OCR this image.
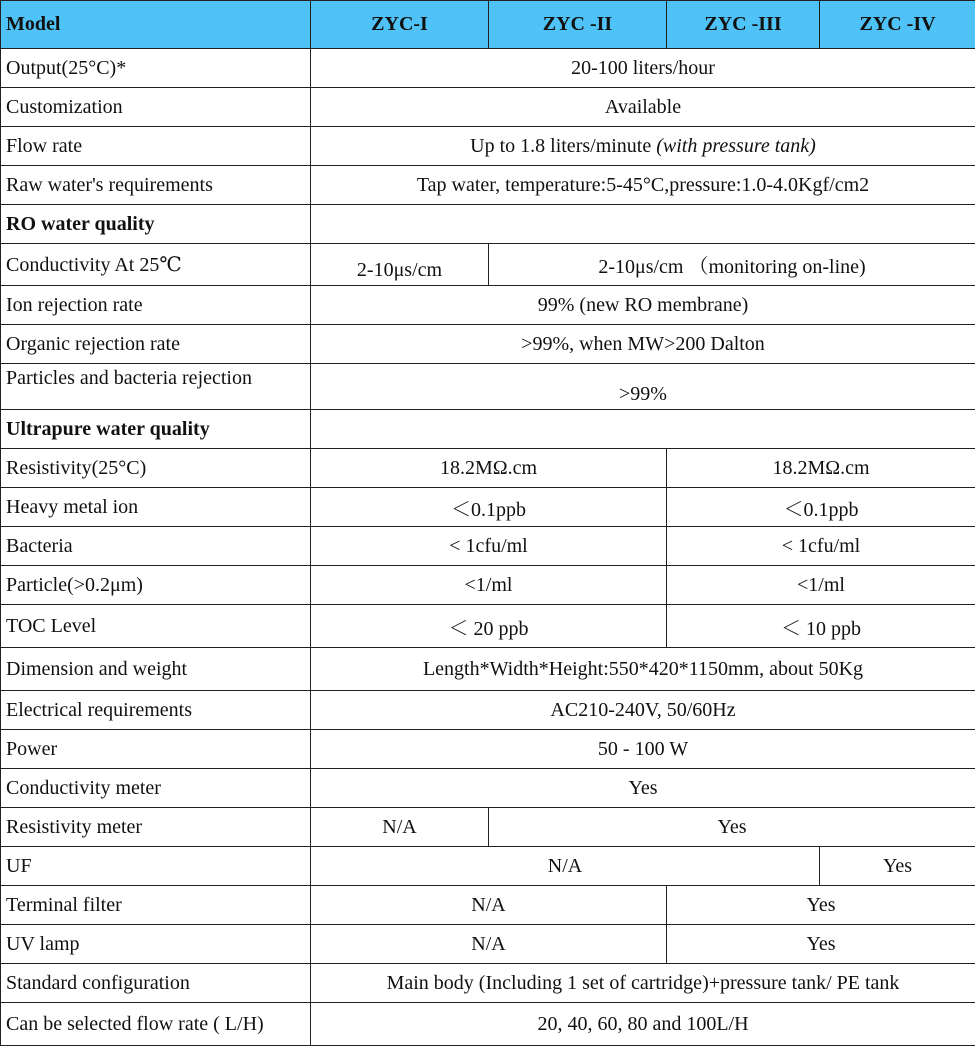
Model	ZYC-I	ZYC -II	ZYC -III	ZYC -IV
Output(25°C)*	20-100 liters/hour			
Customization	Available			
Flow rate	Up to 1.8 liters/minute (with pressure tank)			
Raw water's requirements	Tap water, temperature:5-45°C,pressure:1.0-4.0Kgf/cm2			
RO water quality				
Conductivity At 25℃	2-10μs/cm	2-10μs/cm （monitoring on-line)		
Ion rejection rate	99% (new RO membrane)			
Organic rejection rate	>99%, when MW>200 Dalton			
Particles and bacteria rejection	>99%			
Ultrapure water quality				
Resistivity(25°C)	18.2MΩ.cm		18.2MΩ.cm	
Heavy metal ion	＜0.1ppb		＜0.1ppb	
Bacteria	< 1cfu/ml		< 1cfu/ml	
Particle(>0.2μm)	<1/ml		<1/ml	
TOC Level	＜ 20 ppb		＜ 10 ppb	
Dimension and weight	Length*Width*Height:550*420*1150mm, about 50Kg			
Electrical requirements	AC210-240V, 50/60Hz			
Power	50 - 100 W			
Conductivity meter	Yes			
Resistivity meter	N/A	Yes		
UF	N/A			Yes
Terminal filter	N/A		Yes	
UV lamp	N/A		Yes	
Standard configuration	Main body (Including 1 set of cartridge)+pressure tank/ PE tank			
Can be selected flow rate ( L/H)	20, 40, 60, 80 and 100L/H			
